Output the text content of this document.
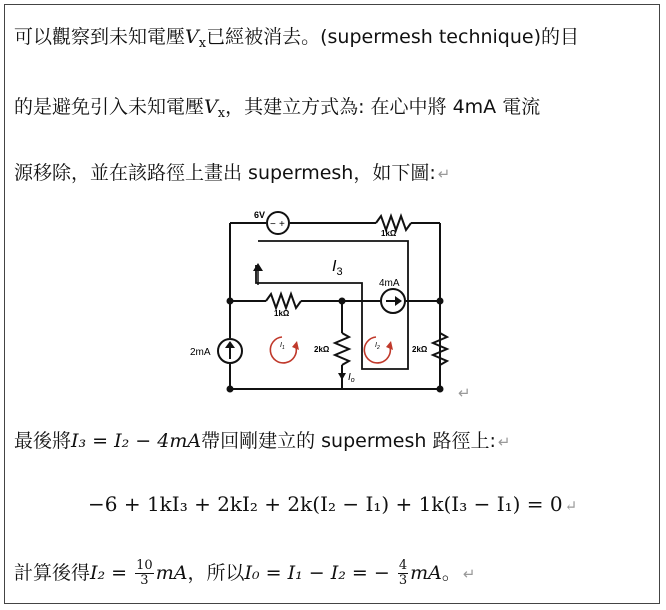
可以觀察到未知電壓$V_x$已經被消去。(supermesh technique)的目
的是避免引入未知電壓$V_x$，其建立方式為: 在心中將 4mA 電流
源移除，並在該路徑上畫出 supermesh，如下圖: ↵
− +
6V
2mA
4mA
1kΩ
1kΩ
2kΩ	2kΩ
$I_3$
$I_1$	$I_2$
$I_o$
↵
最後將I₃ = I₂ − 4mA帶回剛建立的 supermesh 路徑上: ↵
−6 + 1kI₃ + 2kI₂ + 2k(I₂ − I₁) + 1k(I₃ − I₁) = 0 ↵
計算後得$I_2 = \frac{10}{3}$ mA，所以I₀ = I₁ − I₂ = − $\frac{4}{3}$ mA。 ↵
